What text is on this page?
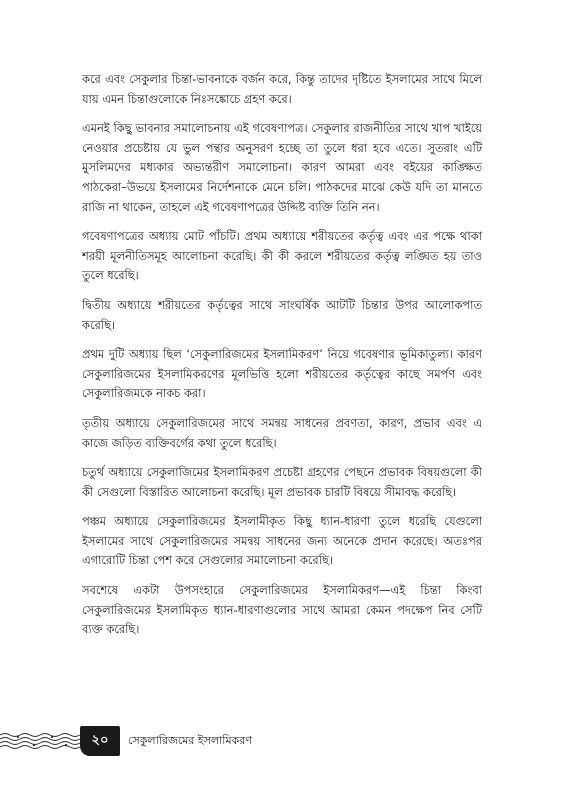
করে এবং সেকুলার চিন্তা-ভাবনাকে বর্জন করে, কিন্তু তাদের দৃষ্টিতে ইসলামের সাথে মিলে যায় এমন চিন্তাগুলোকে নিঃসঙ্কোচে গ্রহণ করে।

এমনই কিছু ভাবনার সমালোচনায় এই গবেষণাপত্র। সেকুলার রাজনীতির সাথে খাপ খাইয়ে নেওয়ার প্রচেষ্টায় যে ভুল পন্থার অনুসরণ হচ্ছে তা তুলে ধরা হবে এতে। সুতরাং এটি মুসলিমদের মধ্যকার অভ্যন্তরীণ সমালোচনা। কারণ আমরা এবং বইয়ের কাঙ্ক্ষিত পাঠকেরা–উভয়ে ইসলামের নির্দেশনাকে মেনে চলি। পাঠকদের মাঝে কেউ যদি তা মানতে রাজি না থাকেন, তাহলে এই গবেষণাপত্রের উদ্দিষ্ট ব্যক্তি তিনি নন।

গবেষণাপত্রের অধ্যায় মোট পাঁচটি। প্রথম অধ্যায়ে শরীয়তের কর্তৃত্ব এবং এর পক্ষে থাকা শরয়ী মূলনীতিসমূহ আলোচনা করেছি। কী কী করলে শরীয়তের কর্তৃত্ব লঙ্ঘিত হয় তাও তুলে ধরেছি।

দ্বিতীয় অধ্যায়ে শরীয়তের কর্তৃত্বের সাথে সাংঘর্ষিক আটটি চিন্তার উপর আলোকপাত করেছি।

প্রথম দুটি অধ্যায় ছিল ‘সেকুলারিজমের ইসলামিকরণ’ নিয়ে গবেষণার ভূমিকাতুল্য। কারণ সেকুলারিজমের ইসলামিকরণের মূলভিত্তি হলো শরীয়তের কর্তৃত্বের কাছে সমর্পণ এবং সেকুলারিজমকে নাকচ করা।

তৃতীয় অধ্যায়ে সেকুলারিজমের সাথে সমন্বয় সাধনের প্রবণতা, কারণ, প্রভাব এবং এ কাজে জড়িত ব্যক্তিবর্গের কথা তুলে ধরেছি।

চতুর্থ অধ্যায়ে সেকুলাজিমের ইসলামিকরণ প্রচেষ্টা গ্রহণের পেছনে প্রভাবক বিষয়গুলো কী কী সেগুলো বিস্তারিত আলোচনা করেছি। মূল প্রভাবক চারটি বিষয়ে সীমাবদ্ধ করেছি।

পঞ্চম অধ্যায়ে সেকুলারিজমের ইসলামীকৃত কিছু ধ্যান-ধারণা তুলে ধরেছি যেগুলো ইসলামের সাথে সেকুলারিজমের সমন্বয় সাধনের জন্য অনেকে প্রদান করেছে। অতঃপর এগারোটি চিন্তা পেশ করে সেগুলোর সমালোচনা করেছি।

সবশেষে একটা উপসংহারে সেকুলারিজমের ইসলামিকরণ—এই চিন্তা কিংবা সেকুলারিজমের ইসলামিকৃত ধ্যান-ধারণাগুলোর সাথে আমরা কেমন পদক্ষেপ নিব সেটি ব্যক্ত করেছি।

২০	সেকুলারিজমের ইসলামিকরণ
